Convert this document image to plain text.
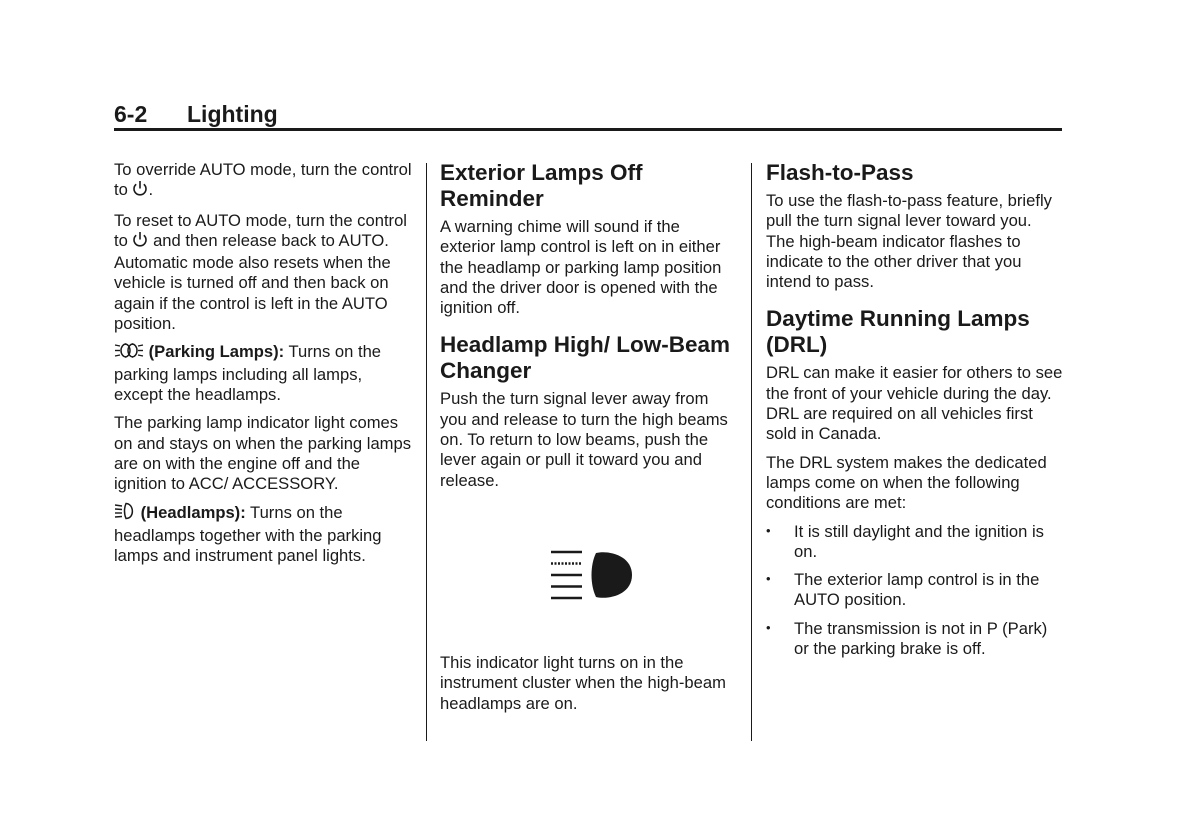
6-2 Lighting

To override AUTO mode, turn the control to .

To reset to AUTO mode, turn the control to  and then release back to AUTO. Automatic mode also resets when the vehicle is turned off and then back on again if the control is left in the AUTO position.

(Parking Lamps): Turns on the parking lamps including all lamps, except the headlamps.

The parking lamp indicator light comes on and stays on when the parking lamps are on with the engine off and the ignition to ACC/ ACCESSORY.

(Headlamps): Turns on the headlamps together with the parking lamps and instrument panel lights.

Exterior Lamps Off Reminder

A warning chime will sound if the exterior lamp control is left on in either the headlamp or parking lamp position and the driver door is opened with the ignition off.

Headlamp High/ Low-Beam Changer

Push the turn signal lever away from you and release to turn the high beams on. To return to low beams, push the lever again or pull it toward you and release.

This indicator light turns on in the instrument cluster when the high-beam headlamps are on.

Flash-to-Pass

To use the flash-to-pass feature, briefly pull the turn signal lever toward you. The high-beam indicator flashes to indicate to the other driver that you intend to pass.

Daytime Running Lamps (DRL)

DRL can make it easier for others to see the front of your vehicle during the day. DRL are required on all vehicles first sold in Canada.

The DRL system makes the dedicated lamps come on when the following conditions are met:

• It is still daylight and the ignition is on.
• The exterior lamp control is in the AUTO position.
• The transmission is not in P (Park) or the parking brake is off.
